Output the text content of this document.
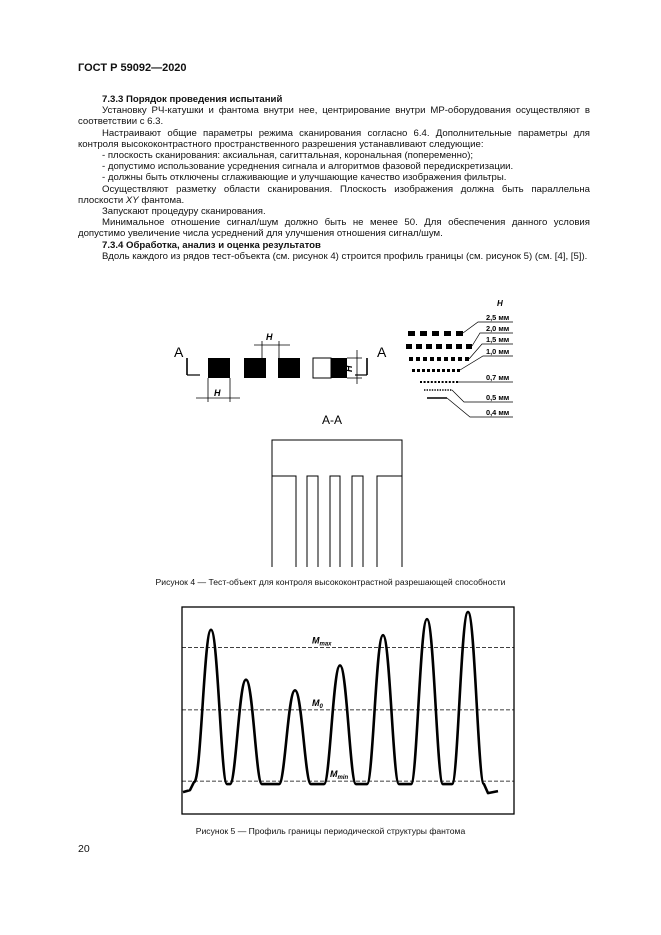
ГОСТ Р 59092—2020

7.3.3 Порядок проведения испытаний

Установку РЧ-катушки и фантома внутри нее, центрирование внутри МР-оборудования осуществляют в соответствии с 6.3.

Настраивают общие параметры режима сканирования согласно 6.4. Дополнительные параметры для контроля высококонтрастного пространственного разрешения устанавливают следующие:

- плоскость сканирования: аксиальная, сагиттальная, корональная (попеременно);

- допустимо использование усреднения сигнала и алгоритмов фазовой передискретизации.

- должны быть отключены сглаживающие и улучшающие качество изображения фильтры.

Осуществляют разметку области сканирования. Плоскость изображения должна быть параллельна плоскости XY фантома.

Запускают процедуру сканирования.

Минимальное отношение сигнал/шум должно быть не менее 50. Для обеспечения данного условия допустимо увеличение числа усреднений для улучшения отношения сигнал/шум.

7.3.4 Обработка, анализ и оценка результатов

Вдоль каждого из рядов тест-объекта (см. рисунок 4) строится профиль границы (см. рисунок 5) (см. [4], [5]).

A
H
H
H
A
H
2,5 мм
2,0 мм
1,5 мм
1,0 мм
0,7 мм
0,5 мм
0,4 мм
А-А
Рисунок 4 — Тест-объект для контроля высококонтрастной разрешающей способности
$M_{max}$
$M_0$
$M_{min}$
Рисунок 5 — Профиль границы периодической структуры фантома
20
